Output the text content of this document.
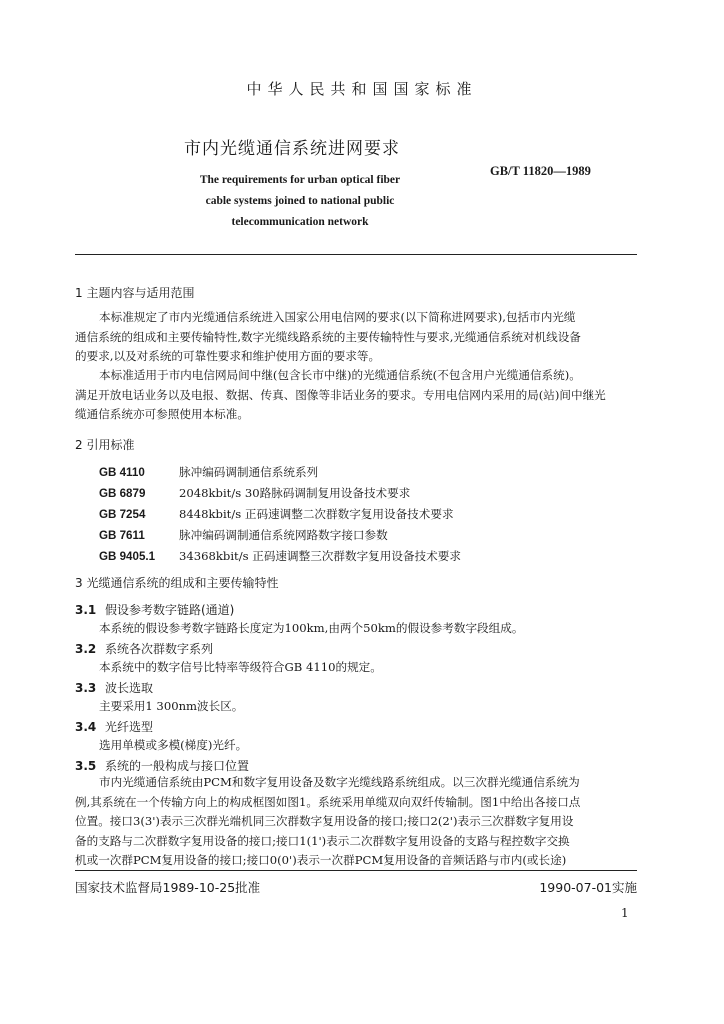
中华人民共和国国家标准
市内光缆通信系统进网要求
The requirements for urban optical fiber
cable systems joined to national public
telecommunication network
GB/T 11820—1989
1 主题内容与适用范围
本标准规定了市内光缆通信系统进入国家公用电信网的要求(以下简称进网要求),包括市内光缆
通信系统的组成和主要传输特性,数字光缆线路系统的主要传输特性与要求,光缆通信系统对机线设备
的要求,以及对系统的可靠性要求和维护使用方面的要求等。
本标准适用于市内电信网局间中继(包含长市中继)的光缆通信系统(不包含用户光缆通信系统)。
满足开放电话业务以及电报、数据、传真、图像等非话业务的要求。专用电信网内采用的局(站)间中继光
缆通信系统亦可参照使用本标准。
2 引用标准
GB 4110	脉冲编码调制通信系统系列
GB 6879	2048kbit/s 30路脉码调制复用设备技术要求
GB 7254	8448kbit/s 正码速调整二次群数字复用设备技术要求
GB 7611	脉冲编码调制通信系统网路数字接口参数
GB 9405.1 34368kbit/s 正码速调整三次群数字复用设备技术要求
3 光缆通信系统的组成和主要传输特性
3.1 假设参考数字链路(通道)
本系统的假设参考数字链路长度定为100km,由两个50km的假设参考数字段组成。
3.2 系统各次群数字系列
本系统中的数字信号比特率等级符合GB 4110的规定。
3.3 波长选取
主要采用1 300nm波长区。
3.4 光纤选型
选用单模或多模(梯度)光纤。
3.5 系统的一般构成与接口位置
市内光缆通信系统由PCM和数字复用设备及数字光缆线路系统组成。以三次群光缆通信系统为
例,其系统在一个传输方向上的构成框图如图1。系统采用单缆双向双纤传输制。图1中给出各接口点
位置。接口3(3')表示三次群光端机同三次群数字复用设备的接口;接口2(2')表示三次群数字复用设
备的支路与二次群数字复用设备的接口;接口1(1')表示二次群数字复用设备的支路与程控数字交换
机或一次群PCM复用设备的接口;接口0(0')表示一次群PCM复用设备的音频话路与市内(或长途)
国家技术监督局1989-10-25批准	1990-07-01实施
1
